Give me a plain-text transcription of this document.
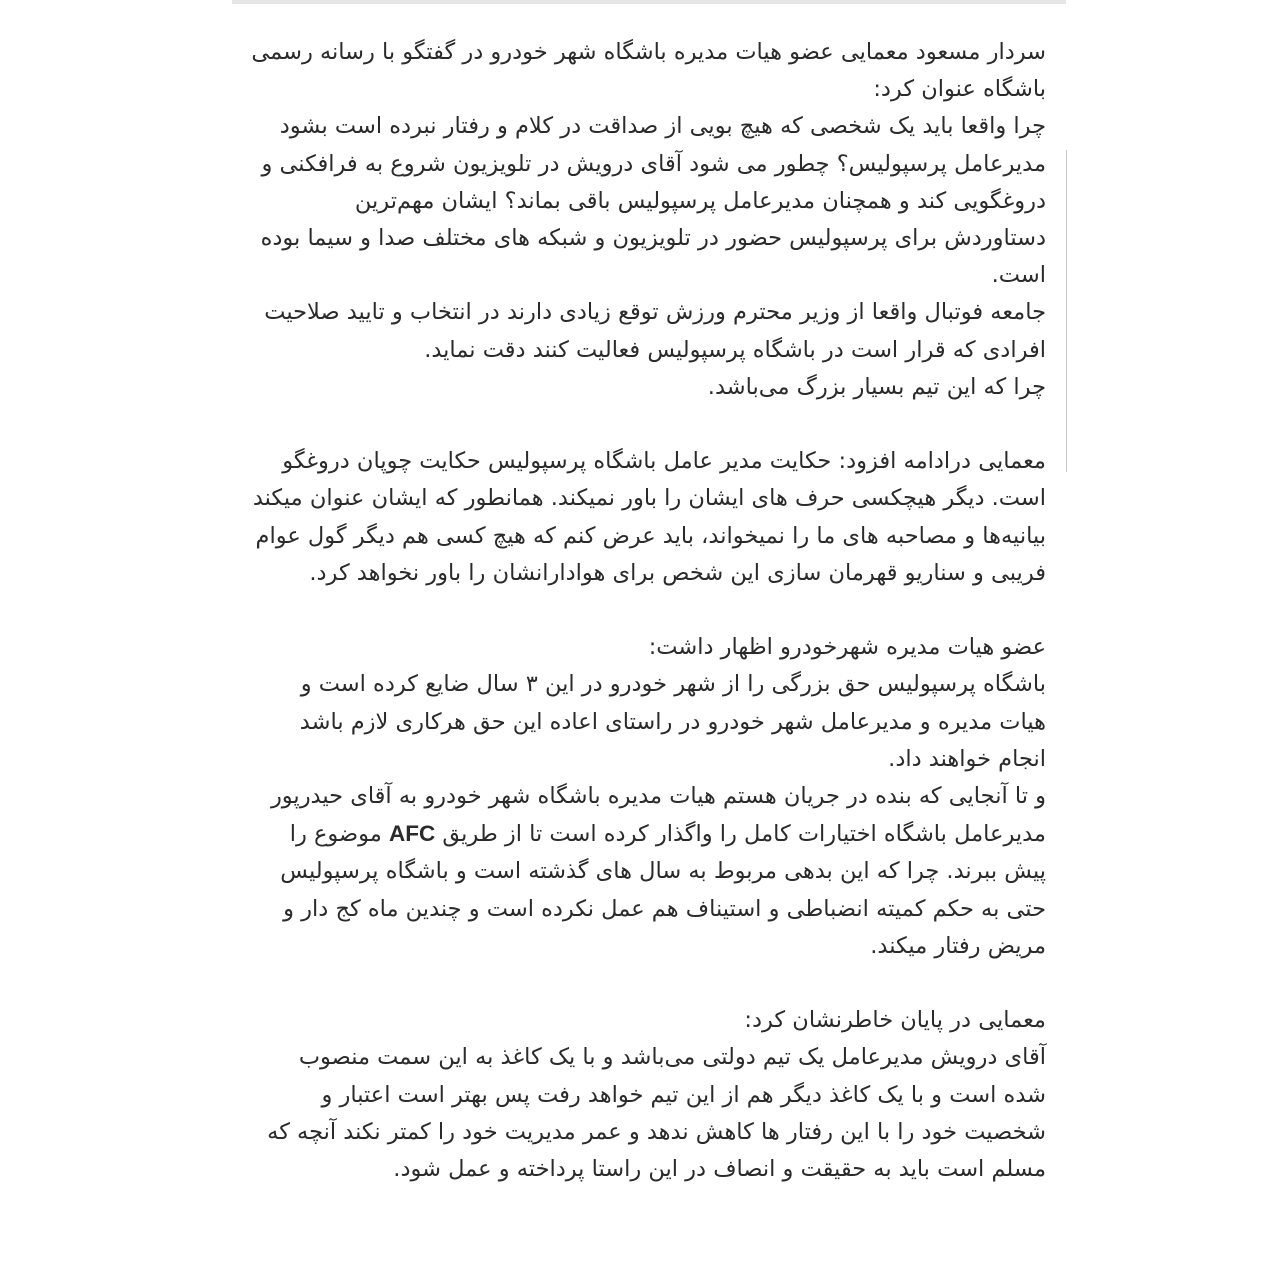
سردار مسعود معمایی عضو هیات مدیره باشگاه شهر خودرو در گفتگو با رسانه رسمی باشگاه عنوان کرد:

چرا واقعا باید یک شخصی که هیچ بویی از صداقت در کلام و رفتار نبرده است بشود مدیرعامل پرسپولیس؟ چطور می شود آقای درویش در تلویزیون شروع به فرافکنی و دروغگویی کند و همچنان مدیرعامل پرسپولیس باقی بماند؟ ایشان مهم‌ترین دستاوردش برای پرسپولیس حضور در تلویزیون و شبکه های مختلف صدا و سیما بوده است.

جامعه فوتبال واقعا از وزیر محترم ورزش توقع زیادی دارند در انتخاب و تایید صلاحیت افرادی که قرار است در باشگاه پرسپولیس فعالیت کنند دقت نماید.

چرا که این تیم بسیار بزرگ می‌باشد.

معمایی درادامه افزود: حکایت مدیر عامل باشگاه پرسپولیس حکایت چوپان دروغگو است. دیگر هیچکسی حرف های ایشان را باور نمیکند. همانطور که ایشان عنوان میکند بیانیه‌ها و مصاحبه های ما را نمیخواند، باید عرض کنم که هیچ کسی هم دیگر گول عوام فریبی و سناریو قهرمان سازی این شخص برای هوادارانشان را باور نخواهد کرد.

عضو هیات مدیره شهرخودرو اظهار داشت:

باشگاه پرسپولیس حق بزرگی را از شهر خودرو در این ۳ سال ضایع کرده است و هیات مدیره و مدیرعامل شهر خودرو در راستای اعاده این حق هرکاری لازم باشد انجام خواهند داد.

و تا آنجایی که بنده در جریان هستم هیات مدیره باشگاه شهر خودرو به آقای حیدرپور مدیرعامل باشگاه اختیارات کامل را واگذار کرده است تا از طریق AFC موضوع را پیش ببرند. چرا که این بدهی مربوط به سال های گذشته است و باشگاه پرسپولیس حتی به حکم کمیته انضباطی و استیناف هم عمل نکرده است و چندین ماه کج دار و مریض رفتار میکند.

معمایی در پایان خاطرنشان کرد:

آقای درویش مدیرعامل یک تیم دولتی می‌باشد و با یک کاغذ به این سمت منصوب شده است و با یک کاغذ دیگر هم از این تیم خواهد رفت پس بهتر است اعتبار و شخصیت خود را با این رفتار ها کاهش ندهد و عمر مدیریت خود را کمتر نکند آنچه که مسلم است باید به حقیقت و انصاف در این راستا پرداخته و عمل شود.
